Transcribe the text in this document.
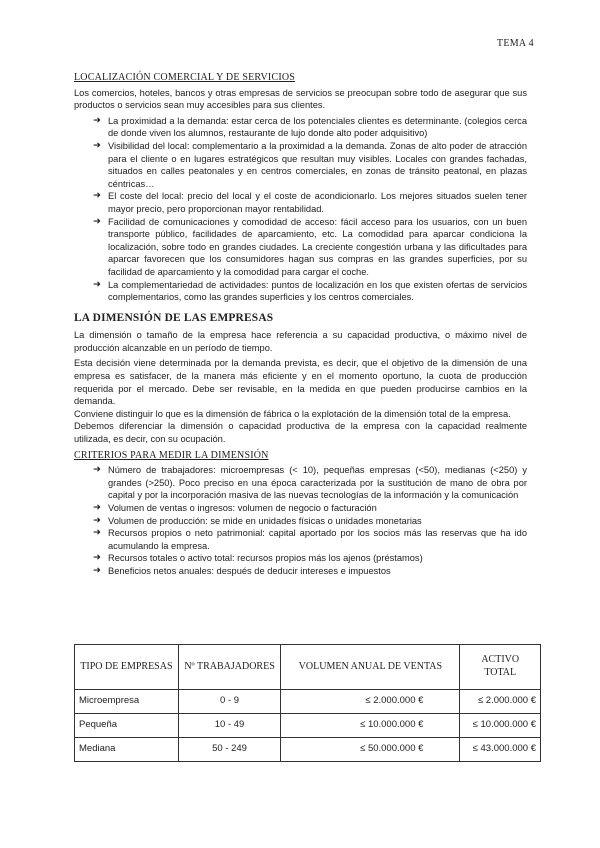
TEMA 4
LOCALIZACIÓN COMERCIAL Y DE SERVICIOS

Los comercios, hoteles, bancos y otras empresas de servicios se preocupan sobre todo de asegurar que sus productos o servicios sean muy accesibles para sus clientes.

➜ La proximidad a la demanda: estar cerca de los potenciales clientes es determinante. (colegios cerca de donde viven los alumnos, restaurante de lujo donde alto poder adquisitivo)
➜ Visibilidad del local: complementario a la proximidad a la demanda. Zonas de alto poder de atracción para el cliente o en lugares estratégicos que resultan muy visibles. Locales con grandes fachadas, situados en calles peatonales y en centros comerciales, en zonas de tránsito peatonal, en plazas céntricas…
➜ El coste del local: precio del local y el coste de acondicionarlo. Los mejores situados suelen tener mayor precio, pero proporcionan mayor rentabilidad.
➜ Facilidad de comunicaciones y comodidad de acceso: fácil acceso para los usuarios, con un buen transporte público, facilidades de aparcamiento, etc. La comodidad para aparcar condiciona la localización, sobre todo en grandes ciudades. La creciente congestión urbana y las dificultades para aparcar favorecen que los consumidores hagan sus compras en las grandes superficies, por su facilidad de aparcamiento y la comodidad para cargar el coche.
➜ La complementariedad de actividades: puntos de localización en los que existen ofertas de servicios complementarios, como las grandes superficies y los centros comerciales.
LA DIMENSIÓN DE LAS EMPRESAS

La dimensión o tamaño de la empresa hace referencia a su capacidad productiva, o máximo nivel de producción alcanzable en un período de tiempo.

Esta decisión viene determinada por la demanda prevista, es decir, que el objetivo de la dimensión de una empresa es satisfacer, de la manera más eficiente y en el momento oportuno, la cuota de producción requerida por el mercado. Debe ser revisable, en la medida en que pueden producirse cambios en la demanda.

Conviene distinguir lo que es la dimensión de fábrica o la explotación de la dimensión total de la empresa.

Debemos diferenciar la dimensión o capacidad productiva de la empresa con la capacidad realmente utilizada, es decir, con su ocupación.

CRITERIOS PARA MEDIR LA DIMENSIÓN
➜ Número de trabajadores: microempresas (< 10), pequeñas empresas (<50), medianas (<250) y grandes (>250). Poco preciso en una época caracterizada por la sustitución de mano de obra por capital y por la incorporación masiva de las nuevas tecnologías de la información y la comunicación
➜ Volumen de ventas o ingresos: volumen de negocio o facturación
➜ Volumen de producción: se mide en unidades físicas o unidades monetarias
➜ Recursos propios o neto patrimonial: capital aportado por los socios más las reservas que ha ido acumulando la empresa.
➜ Recursos totales o activo total: recursos propios más los ajenos (préstamos)
➜ Beneficios netos anuales: después de deducir intereses e impuestos
TIPO DE EMPRESAS	Nº TRABAJADORES	VOLUMEN ANUAL DE VENTAS	ACTIVO TOTAL
Microempresa	0 - 9	≤ 2.000.000 €	≤ 2.000.000 €
Pequeña	10 - 49	≤ 10.000.000 €	≤ 10.000.000 €
Mediana	50 - 249	≤ 50.000.000 €	≤ 43.000.000 €
